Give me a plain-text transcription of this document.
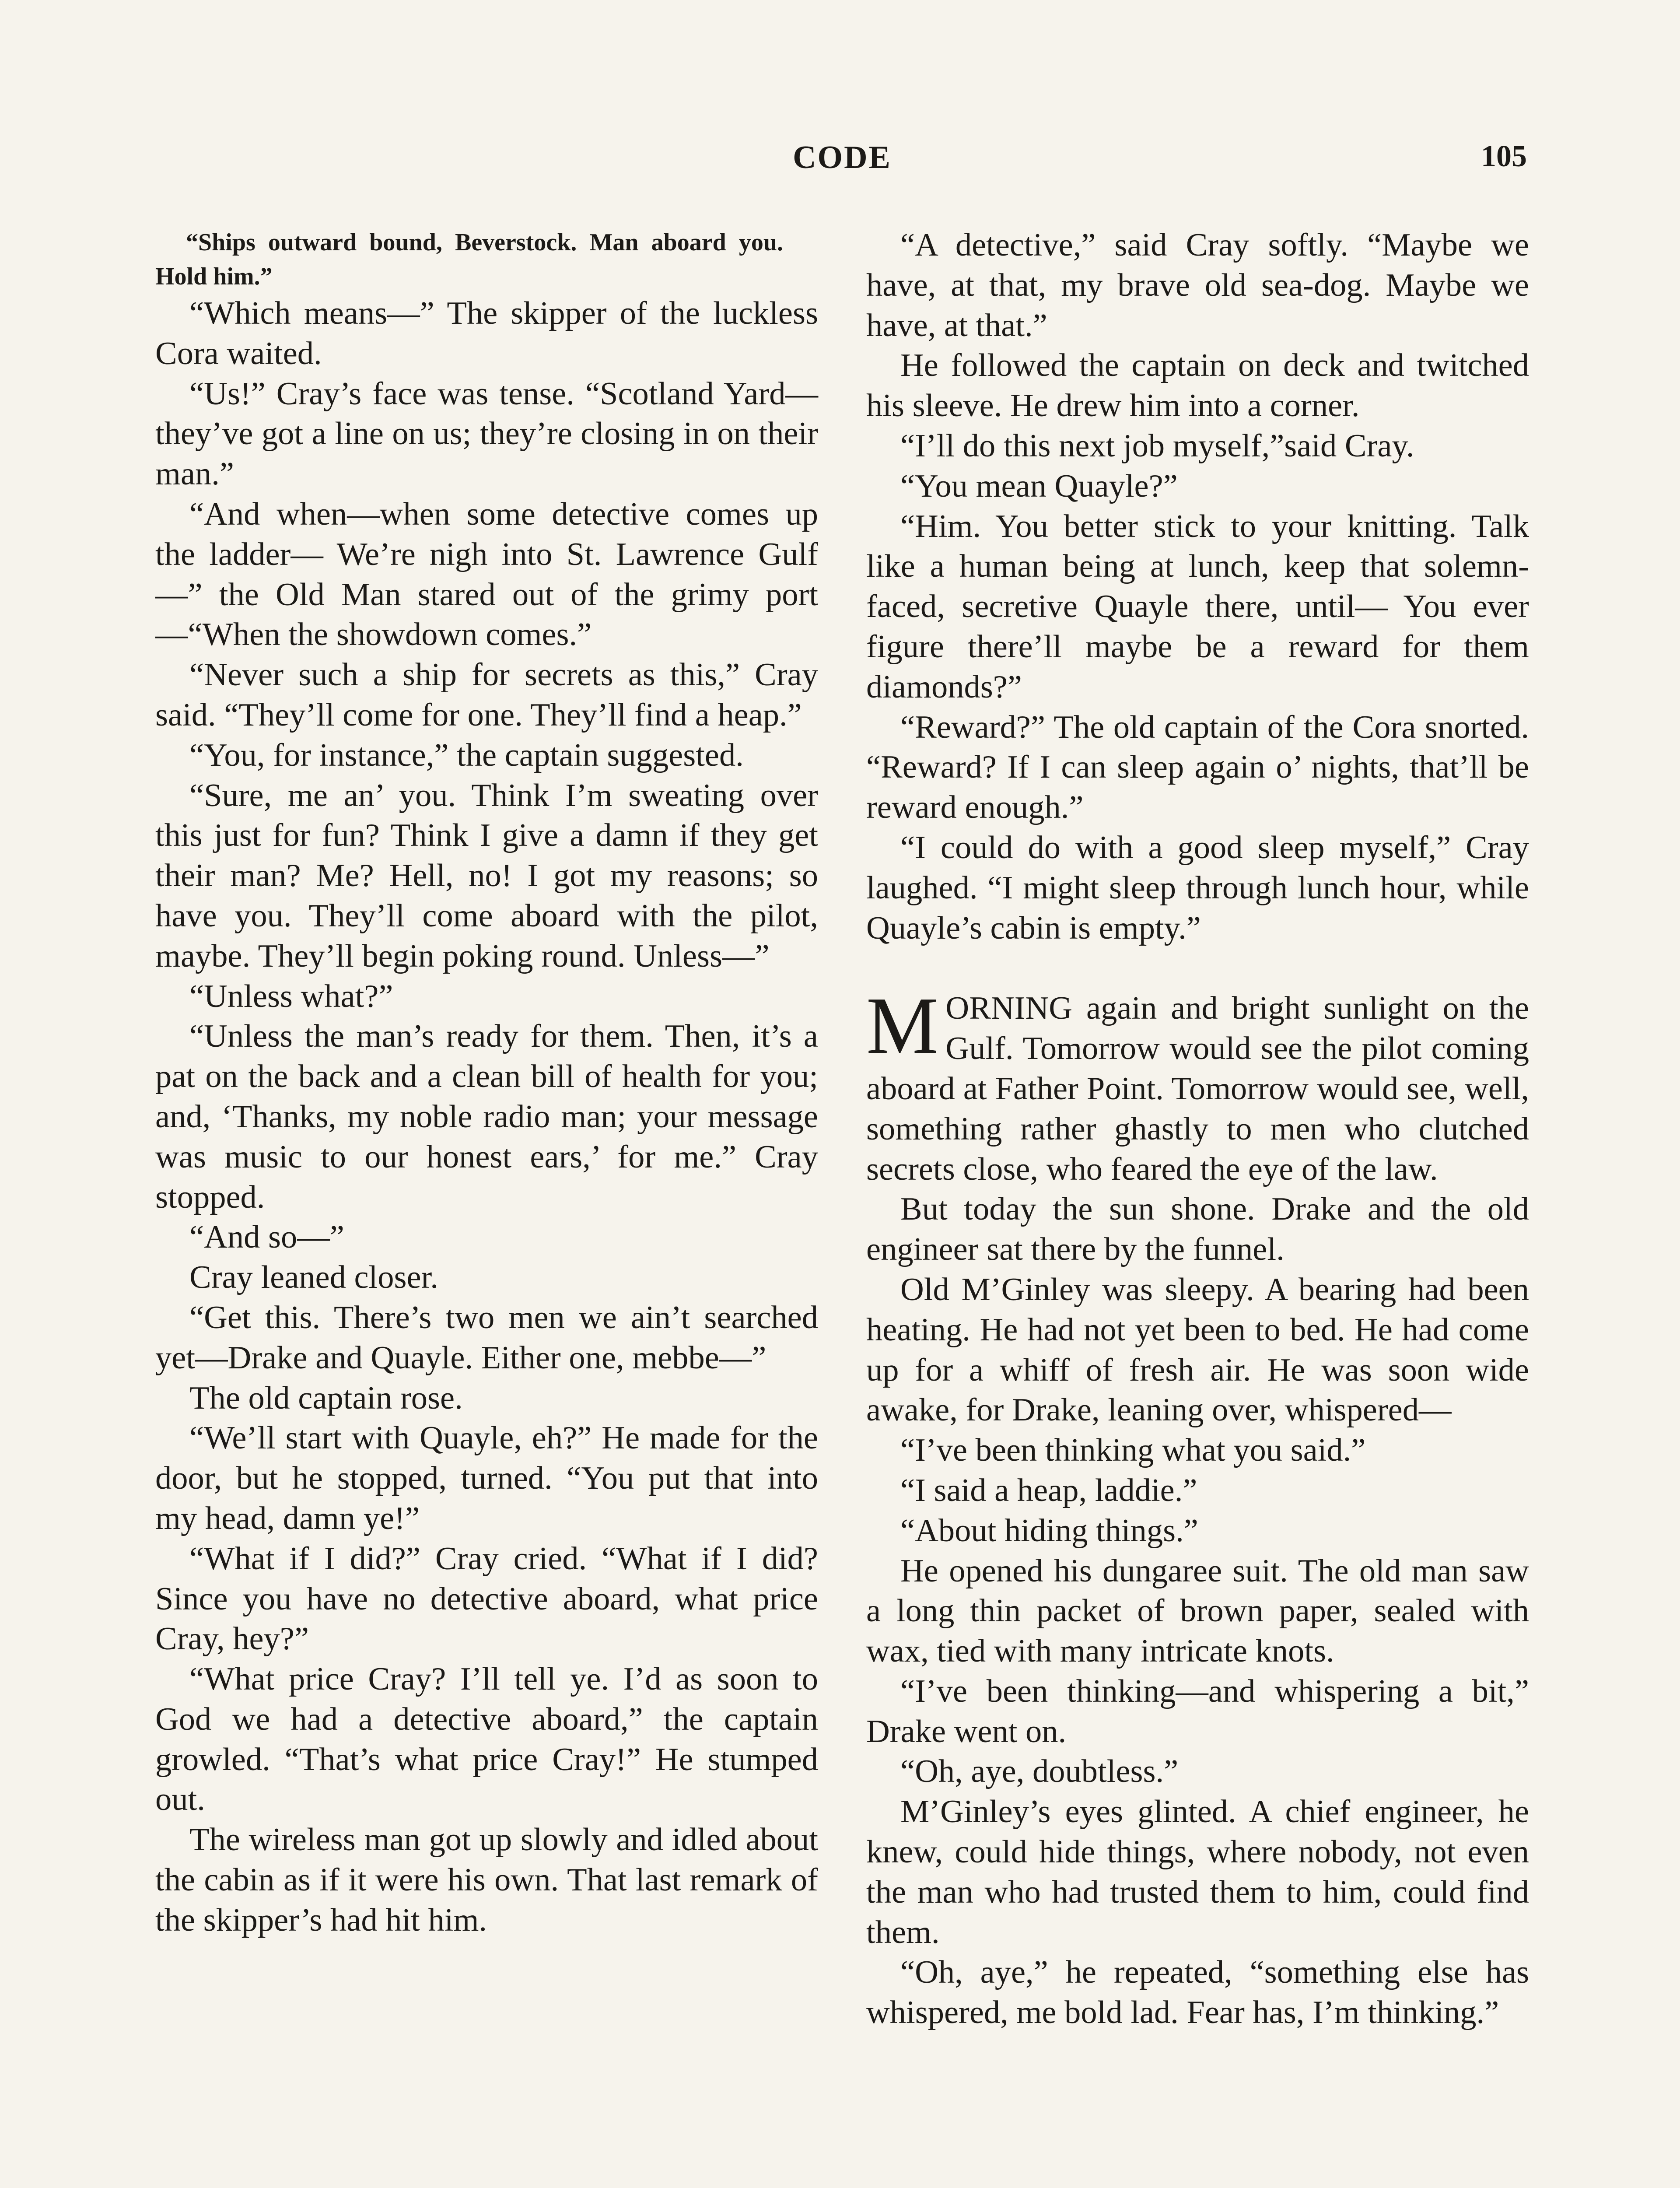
CODE	105

“Ships outward bound, Beverstock. Man aboard you. Hold him.”

“Which means—” The skipper of the luckless Cora waited.

“Us!” Cray’s face was tense. “Scotland Yard—they’ve got a line on us; they’re closing in on their man.”

“And when—when some detective comes up the ladder— We’re nigh into St. Lawrence Gulf—” the Old Man stared out of the grimy port—“When the showdown comes.”

“Never such a ship for secrets as this,” Cray said. “They’ll come for one. They’ll find a heap.”

“You, for instance,” the captain suggested.

“Sure, me an’ you. Think I’m sweating over this just for fun? Think I give a damn if they get their man? Me? Hell, no! I got my reasons; so have you. They’ll come aboard with the pilot, maybe. They’ll begin poking round. Unless—”

“Unless what?”

“Unless the man’s ready for them. Then, it’s a pat on the back and a clean bill of health for you; and, ‘Thanks, my noble radio man; your message was music to our honest ears,’ for me.” Cray stopped.

“And so—”

Cray leaned closer.

“Get this. There’s two men we ain’t searched yet—Drake and Quayle. Either one, mebbe—”

The old captain rose.

“We’ll start with Quayle, eh?” He made for the door, but he stopped, turned. “You put that into my head, damn ye!”

“What if I did?” Cray cried. “What if I did? Since you have no detective aboard, what price Cray, hey?”

“What price Cray? I’ll tell ye. I’d as soon to God we had a detective aboard,” the captain growled. “That’s what price Cray!” He stumped out.

The wireless man got up slowly and idled about the cabin as if it were his own. That last remark of the skipper’s had hit him.

“A detective,” said Cray softly. “Maybe we have, at that, my brave old sea-dog. Maybe we have, at that.”

He followed the captain on deck and twitched his sleeve. He drew him into a corner.

“I’ll do this next job myself,”said Cray.

“You mean Quayle?”

“Him. You better stick to your knitting. Talk like a human being at lunch, keep that solemn-faced, secretive Quayle there, until— You ever figure there’ll maybe be a reward for them diamonds?”

“Reward?” The old captain of the Cora snorted. “Reward? If I can sleep again o’ nights, that’ll be reward enough.”

“I could do with a good sleep myself,” Cray laughed. “I might sleep through lunch hour, while Quayle’s cabin is empty.”

MORNING again and bright sunlight on the Gulf. Tomorrow would see the pilot coming aboard at Father Point. Tomorrow would see, well, something rather ghastly to men who clutched secrets close, who feared the eye of the law.

But today the sun shone. Drake and the old engineer sat there by the funnel.

Old M’Ginley was sleepy. A bearing had been heating. He had not yet been to bed. He had come up for a whiff of fresh air. He was soon wide awake, for Drake, leaning over, whispered—

“I’ve been thinking what you said.”

“I said a heap, laddie.”

“About hiding things.”

He opened his dungaree suit. The old man saw a long thin packet of brown paper, sealed with wax, tied with many intricate knots.

“I’ve been thinking—and whispering a bit,” Drake went on.

“Oh, aye, doubtless.”

M’Ginley’s eyes glinted. A chief engineer, he knew, could hide things, where nobody, not even the man who had trusted them to him, could find them.

“Oh, aye,” he repeated, “something else has whispered, me bold lad. Fear has, I’m thinking.”
